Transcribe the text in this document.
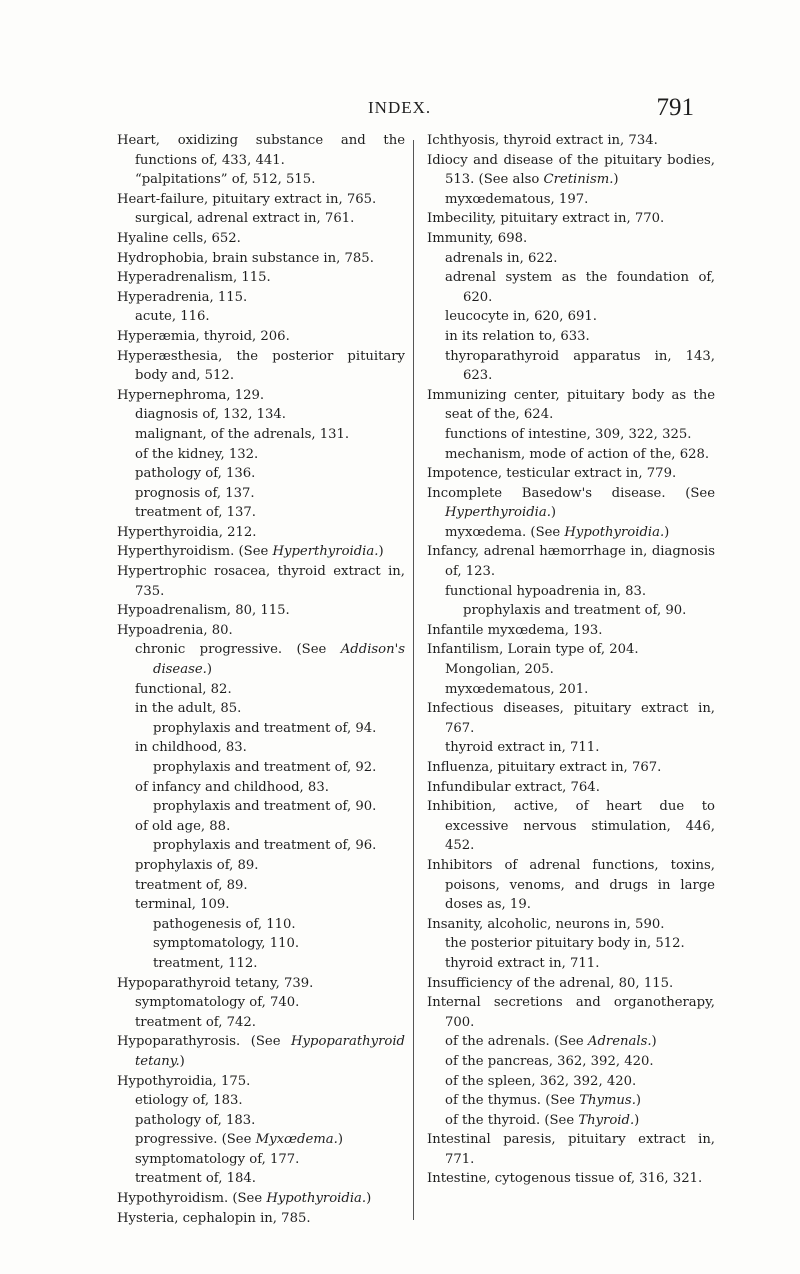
INDEX.	791
Heart, oxidizing substance and the functions of, 433, 441.
“palpitations” of, 512, 515.
Heart-failure, pituitary extract in, 765.
surgical, adrenal extract in, 761.
Hyaline cells, 652.
Hydrophobia, brain substance in, 785.
Hyperadrenalism, 115.
Hyperadrenia, 115.
acute, 116.
Hyperæmia, thyroid, 206.
Hyperæsthesia, the posterior pituitary body and, 512.
Hypernephroma, 129.
diagnosis of, 132, 134.
malignant, of the adrenals, 131.
of the kidney, 132.
pathology of, 136.
prognosis of, 137.
treatment of, 137.
Hyperthyroidia, 212.
Hyperthyroidism. (See Hyperthyroidia.)
Hypertrophic rosacea, thyroid extract in, 735.
Hypoadrenalism, 80, 115.
Hypoadrenia, 80.
chronic progressive. (See Addison's disease.)
functional, 82.
in the adult, 85.
prophylaxis and treatment of, 94.
in childhood, 83.
prophylaxis and treatment of, 92.
of infancy and childhood, 83.
prophylaxis and treatment of, 90.
of old age, 88.
prophylaxis and treatment of, 96.
prophylaxis of, 89.
treatment of, 89.
terminal, 109.
pathogenesis of, 110.
symptomatology, 110.
treatment, 112.
Hypoparathyroid tetany, 739.
symptomatology of, 740.
treatment of, 742.
Hypoparathyrosis. (See Hypoparathyroid tetany.)
Hypothyroidia, 175.
etiology of, 183.
pathology of, 183.
progressive. (See Myxœdema.)
symptomatology of, 177.
treatment of, 184.
Hypothyroidism. (See Hypothyroidia.)
Hysteria, cephalopin in, 785.
Ichthyosis, thyroid extract in, 734.
Idiocy and disease of the pituitary bodies, 513. (See also Cretinism.)
myxœdematous, 197.
Imbecility, pituitary extract in, 770.
Immunity, 698.
adrenals in, 622.
adrenal system as the foundation of, 620.
leucocyte in, 620, 691.
in its relation to, 633.
thyroparathyroid apparatus in, 143, 623.
Immunizing center, pituitary body as the seat of the, 624.
functions of intestine, 309, 322, 325.
mechanism, mode of action of the, 628.
Impotence, testicular extract in, 779.
Incomplete Basedow's disease. (See Hyperthyroidia.)
myxœdema. (See Hypothyroidia.)
Infancy, adrenal hæmorrhage in, diagnosis of, 123.
functional hypoadrenia in, 83.
prophylaxis and treatment of, 90.
Infantile myxœdema, 193.
Infantilism, Lorain type of, 204.
Mongolian, 205.
myxœdematous, 201.
Infectious diseases, pituitary extract in, 767.
thyroid extract in, 711.
Influenza, pituitary extract in, 767.
Infundibular extract, 764.
Inhibition, active, of heart due to excessive nervous stimulation, 446, 452.
Inhibitors of adrenal functions, toxins, poisons, venoms, and drugs in large doses as, 19.
Insanity, alcoholic, neurons in, 590.
the posterior pituitary body in, 512.
thyroid extract in, 711.
Insufficiency of the adrenal, 80, 115.
Internal secretions and organotherapy, 700.
of the adrenals. (See Adrenals.)
of the pancreas, 362, 392, 420.
of the spleen, 362, 392, 420.
of the thymus. (See Thymus.)
of the thyroid. (See Thyroid.)
Intestinal paresis, pituitary extract in, 771.
Intestine, cytogenous tissue of, 316, 321.
